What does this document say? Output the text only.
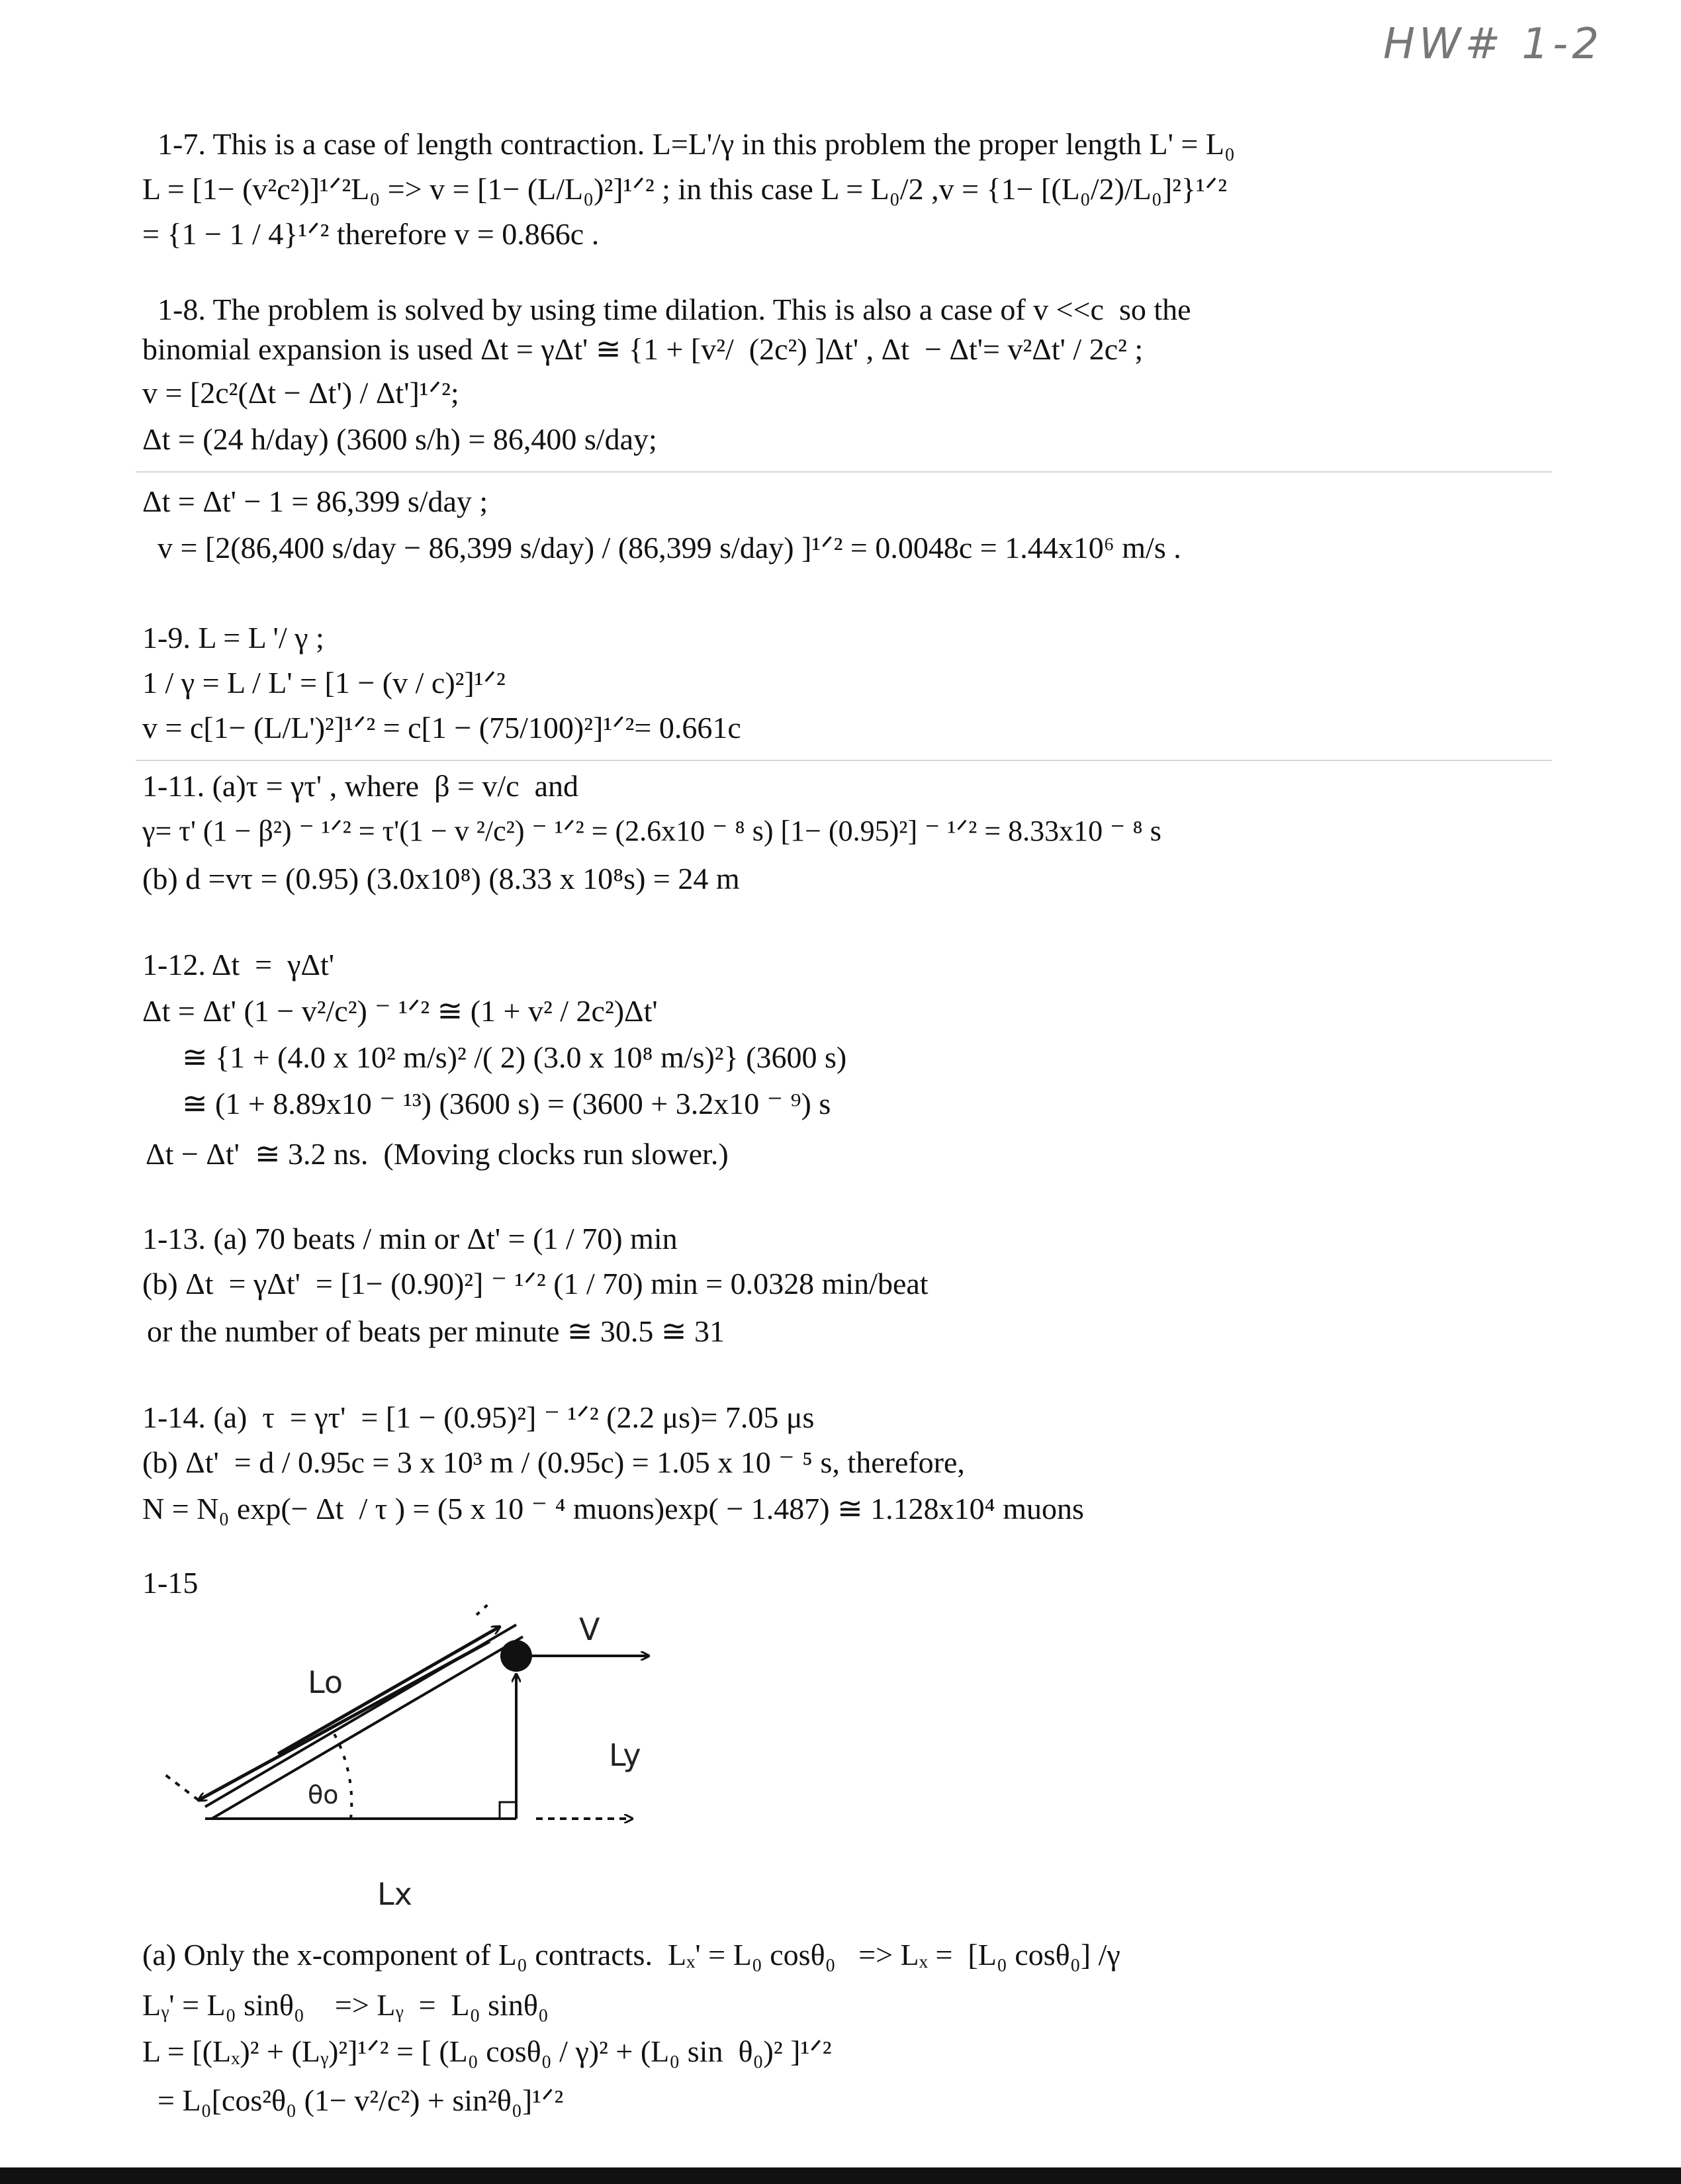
HW# 1-2
1-7. This is a case of length contraction. L=L'/γ in this problem the proper length L' = L₀
L = [1− (v²c²)]¹ᐟ²L₀ => v = [1− (L/L₀)²]¹ᐟ² ; in this case L = L₀/2 ,v = {1− [(L₀/2)/L₀]²}¹ᐟ²
= {1 − 1 / 4}¹ᐟ² therefore v = 0.866c .
1-8. The problem is solved by using time dilation. This is also a case of v <<c  so the
binomial expansion is used Δt = γΔt' ≅ {1 + [v²/  (2c²) ]Δt' , Δt  − Δt'= v²Δt' / 2c² ;
v = [2c²(Δt − Δt') / Δt']¹ᐟ²;
Δt = (24 h/day) (3600 s/h) = 86,400 s/day;
Δt = Δt' − 1 = 86,399 s/day ;
v = [2(86,400 s/day − 86,399 s/day) / (86,399 s/day) ]¹ᐟ² = 0.0048c = 1.44x10⁶ m/s .
1-9. L = L '/ γ ;
1 / γ = L / L' = [1 − (v / c)²]¹ᐟ²
v = c[1− (L/L')²]¹ᐟ² = c[1 − (75/100)²]¹ᐟ²= 0.661c
1-11. (a)τ = γτ' , where  β = v/c  and
γ= τ' (1 − β²) ⁻ ¹ᐟ² = τ'(1 − v ²/c²) ⁻ ¹ᐟ² = (2.6x10 ⁻ ⁸ s) [1− (0.95)²] ⁻ ¹ᐟ² = 8.33x10 ⁻ ⁸ s
(b) d =vτ = (0.95) (3.0x10⁸) (8.33 x 10⁸s) = 24 m
1-12. Δt  =  γΔt'
Δt = Δt' (1 − v²/c²) ⁻ ¹ᐟ² ≅ (1 + v² / 2c²)Δt'
≅ {1 + (4.0 x 10² m/s)² /( 2) (3.0 x 10⁸ m/s)²} (3600 s)
≅ (1 + 8.89x10 ⁻ ¹³) (3600 s) = (3600 + 3.2x10 ⁻ ⁹) s
Δt − Δt'  ≅ 3.2 ns.  (Moving clocks run slower.)
1-13. (a) 70 beats / min or Δt' = (1 / 70) min
(b) Δt  = γΔt'  = [1− (0.90)²] ⁻ ¹ᐟ² (1 / 70) min = 0.0328 min/beat
or the number of beats per minute ≅ 30.5 ≅ 31
1-14. (a)  τ  = γτ'  = [1 − (0.95)²] ⁻ ¹ᐟ² (2.2 μs)= 7.05 μs
(b) Δt'  = d / 0.95c = 3 x 10³ m / (0.95c) = 1.05 x 10 ⁻ ⁵ s, therefore,
N = N₀ exp(− Δt  / τ ) = (5 x 10 ⁻ ⁴ muons)exp( − 1.487) ≅ 1.128x10⁴ muons
1-15
Lo
V
Ly
θo
Lx
(a) Only the x-component of L₀ contracts.  Lₓ' = L₀ cosθ₀   => Lₓ =  [L₀ cosθ₀] /γ
Lᵧ' = L₀ sinθ₀    => Lᵧ  =  L₀ sinθ₀
L = [(Lₓ)² + (Lᵧ)²]¹ᐟ² = [ (L₀ cosθ₀ / γ)² + (L₀ sin  θ₀)² ]¹ᐟ²
= L₀[cos²θ₀ (1− v²/c²) + sin²θ₀]¹ᐟ²
